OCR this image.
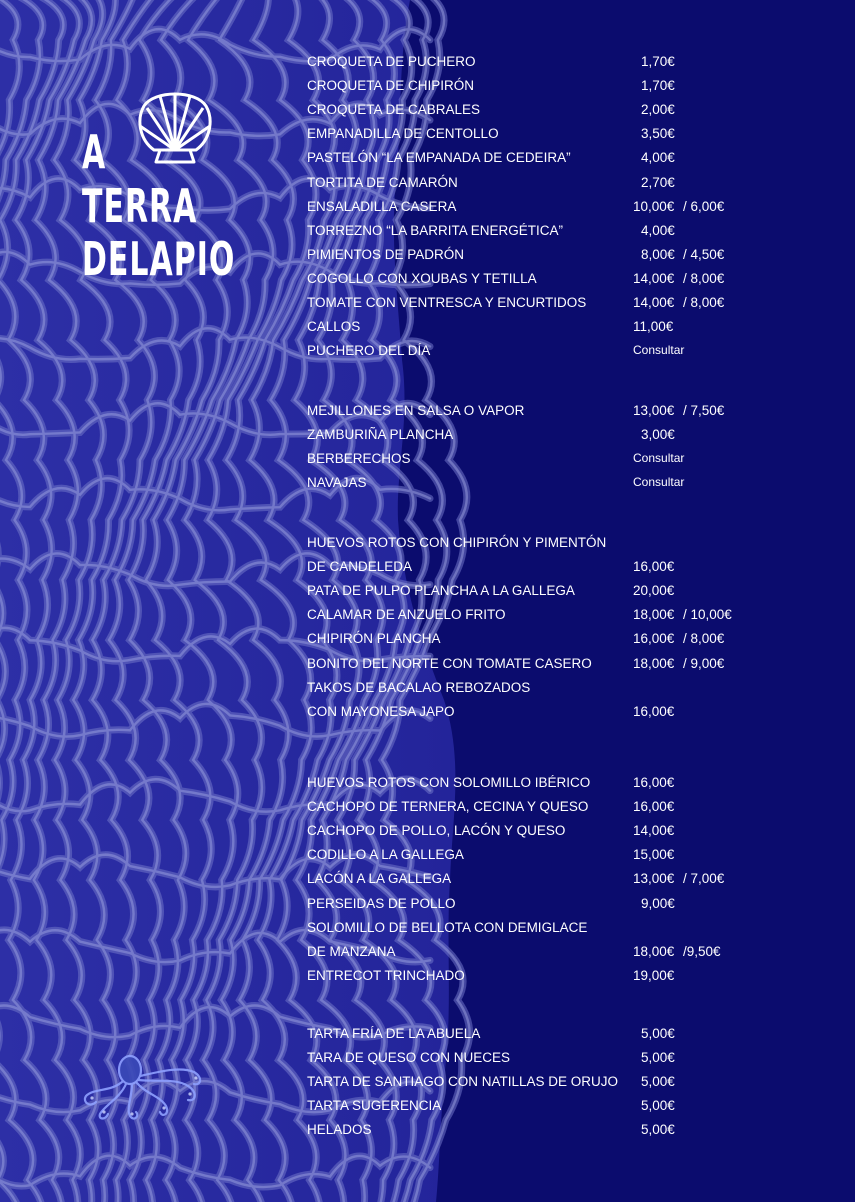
A
TERRA
DELAPIO
CROQUETA DE PUCHERO	1,70€
CROQUETA DE CHIPIRÓN	1,70€
CROQUETA DE CABRALES	2,00€
EMPANADILLA DE CENTOLLO	3,50€
PASTELÓN “LA EMPANADA DE CEDEIRA”	4,00€
TORTITA DE CAMARÓN	2,70€
ENSALADILLA CASERA	10,00€ / 6,00€
TORREZNO “LA BARRITA ENERGÉTICA”	4,00€
PIMIENTOS DE PADRÓN	8,00€ / 4,50€
COGOLLO CON XOUBAS Y TETILLA	14,00€ / 8,00€
TOMATE CON VENTRESCA Y ENCURTIDOS	14,00€ / 8,00€
CALLOS	11,00€
PUCHERO DEL DÍA	Consultar
MEJILLONES EN SALSA O VAPOR	13,00€ / 7,50€
ZAMBURIÑA PLANCHA	3,00€
BERBERECHOS	Consultar
NAVAJAS	Consultar
HUEVOS ROTOS CON CHIPIRÓN Y PIMENTÓN
DE CANDELEDA	16,00€
PATA DE PULPO PLANCHA A LA GALLEGA	20,00€
CALAMAR DE ANZUELO FRITO	18,00€ / 10,00€
CHIPIRÓN PLANCHA	16,00€ / 8,00€
BONITO DEL NORTE CON TOMATE CASERO	18,00€ / 9,00€
TAKOS DE BACALAO REBOZADOS
CON MAYONESA JAPO	16,00€
HUEVOS ROTOS CON SOLOMILLO IBÉRICO	16,00€
CACHOPO DE TERNERA, CECINA Y QUESO	16,00€
CACHOPO DE POLLO, LACÓN Y QUESO	14,00€
CODILLO A LA GALLEGA	15,00€
LACÓN A LA GALLEGA	13,00€ / 7,00€
PERSEIDAS DE POLLO	9,00€
SOLOMILLO DE BELLOTA CON DEMIGLACE
DE MANZANA	18,00€ /9,50€
ENTRECOT TRINCHADO	19,00€
TARTA FRÍA DE LA ABUELA	5,00€
TARA DE QUESO CON NUECES	5,00€
TARTA DE SANTIAGO CON NATILLAS DE ORUJO 5,00€
TARTA SUGERENCIA	5,00€
HELADOS	5,00€
